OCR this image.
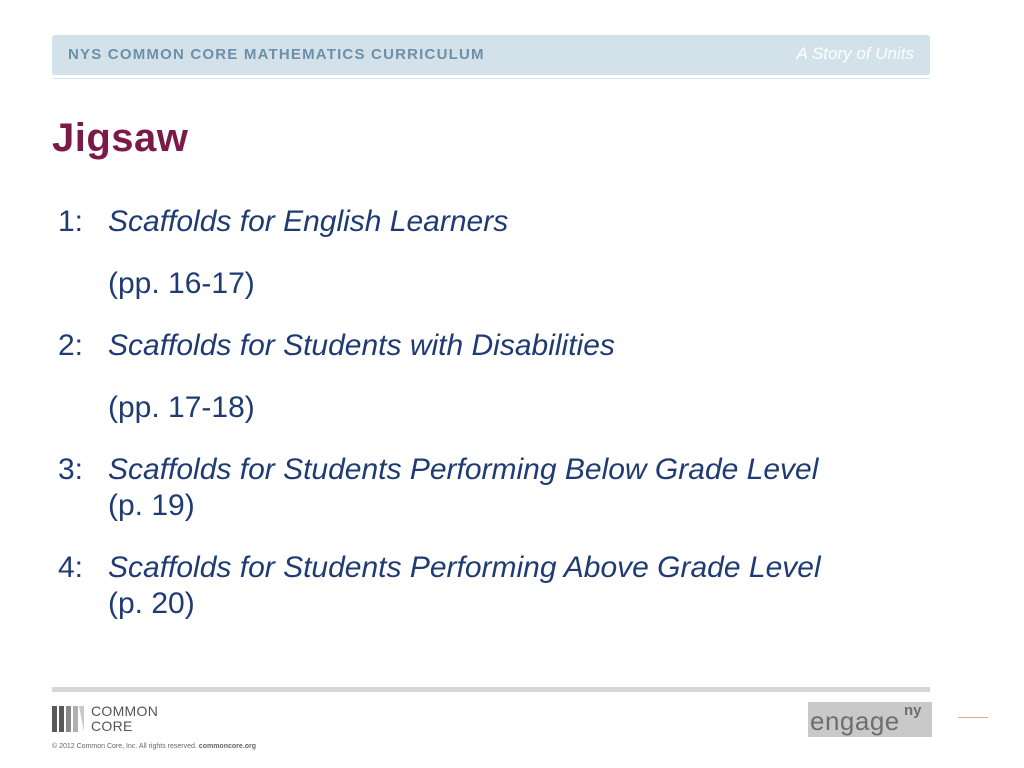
NYS COMMON CORE MATHEMATICS CURRICULUM	A Story of Units
Jigsaw
1: Scaffolds for English Learners
(pp. 16-17)
2: Scaffolds for Students with Disabilities
(pp. 17-18)
3: Scaffolds for Students Performing Below Grade Level
(p. 19)
4: Scaffolds for Students Performing Above Grade Level
(p. 20)
COMMON
CORE
© 2012 Common Core, Inc. All rights reserved. commoncore.org
engage ny
